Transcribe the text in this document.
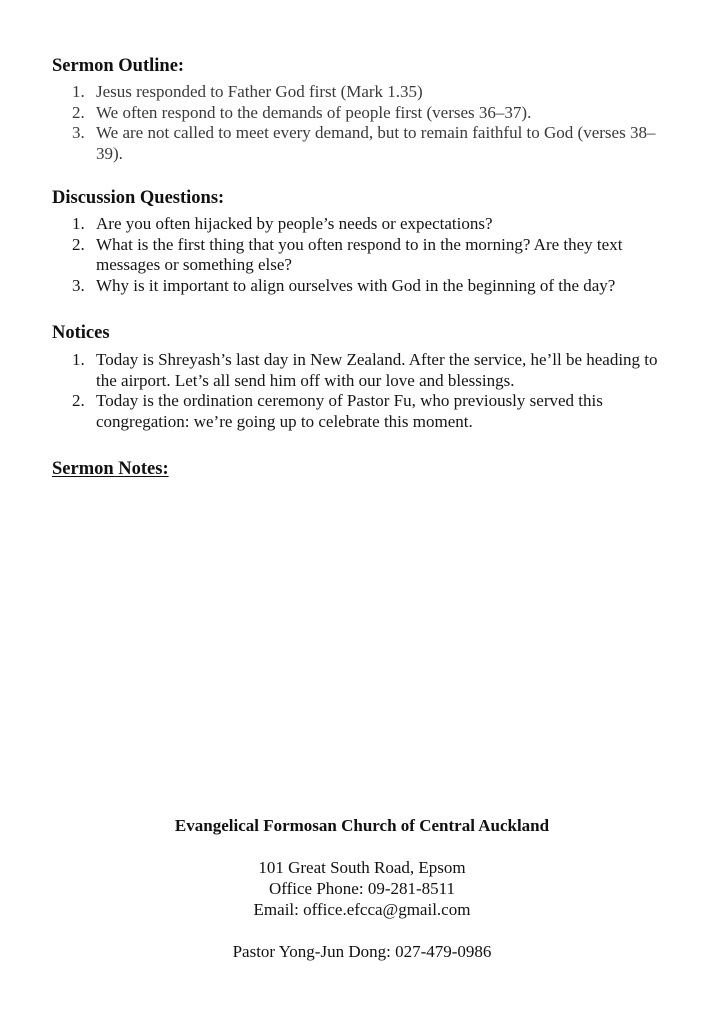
Sermon Outline:
1. Jesus responded to Father God first (Mark 1.35)
2. We often respond to the demands of people first (verses 36–37).
3. We are not called to meet every demand, but to remain faithful to God (verses 38–39).
Discussion Questions:
1. Are you often hijacked by people’s needs or expectations?
2. What is the first thing that you often respond to in the morning? Are they text messages or something else?
3. Why is it important to align ourselves with God in the beginning of the day?
Notices
1. Today is Shreyash’s last day in New Zealand. After the service, he’ll be heading to the airport. Let’s all send him off with our love and blessings.
2. Today is the ordination ceremony of Pastor Fu, who previously served this congregation: we’re going up to celebrate this moment.
Sermon Notes:
Evangelical Formosan Church of Central Auckland
101 Great South Road, Epsom
Office Phone: 09-281-8511
Email: office.efcca@gmail.com
Pastor Yong-Jun Dong: 027-479-0986
